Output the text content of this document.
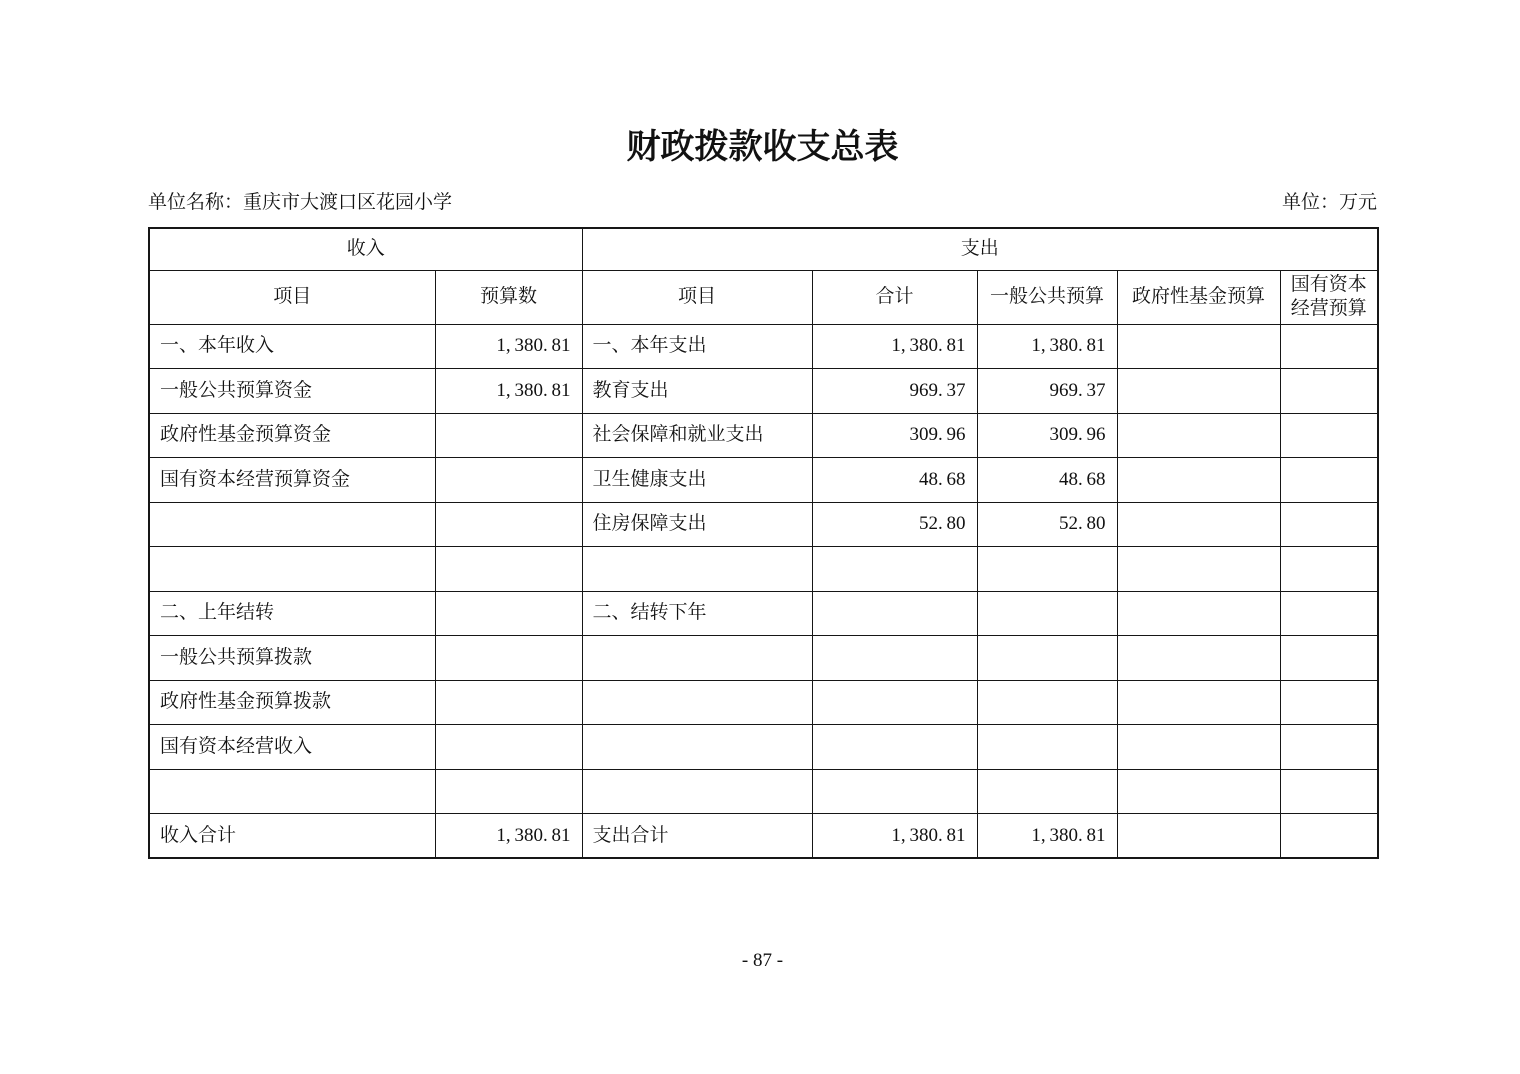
财政拨款收支总表
单位名称：重庆市大渡口区花园小学	单位：万元
收入		支出				
项目	预算数	项目	合计	一般公共预算	政府性基金预算	国有资本经营预算
一、本年收入	1, 380. 81	一、本年支出	1, 380. 81	1, 380. 81		
一般公共预算资金	1, 380. 81	教育支出	969. 37	969. 37		
政府性基金预算资金		社会保障和就业支出	309. 96	309. 96		
国有资本经营预算资金		卫生健康支出	48. 68	48. 68		
		住房保障支出	52. 80	52. 80		

二、上年结转		二、结转下年				
一般公共预算拨款						
政府性基金预算拨款						
国有资本经营收入						

收入合计	1, 380. 81	支出合计	1, 380. 81	1, 380. 81		
- 87 -
